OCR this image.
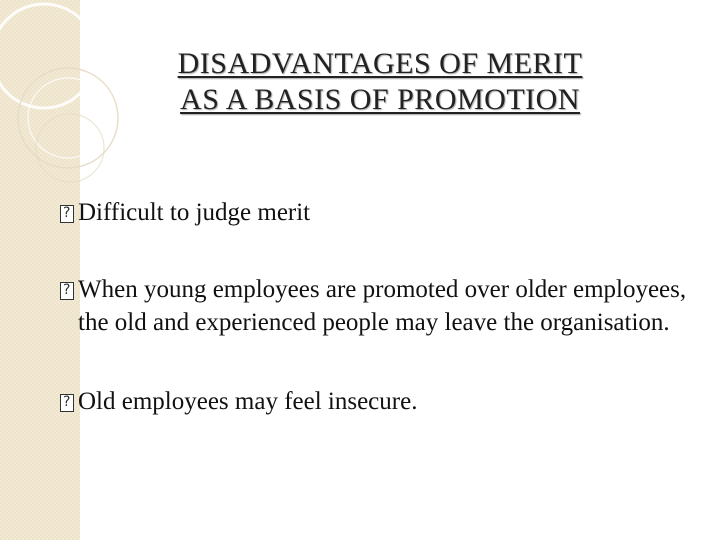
DISADVANTAGES OF MERIT
AS A BASIS OF PROMOTION
?
Difficult to judge merit
?
When young employees are promoted over older employees, the old and experienced people may leave the organisation.
?
Old employees may feel insecure.
